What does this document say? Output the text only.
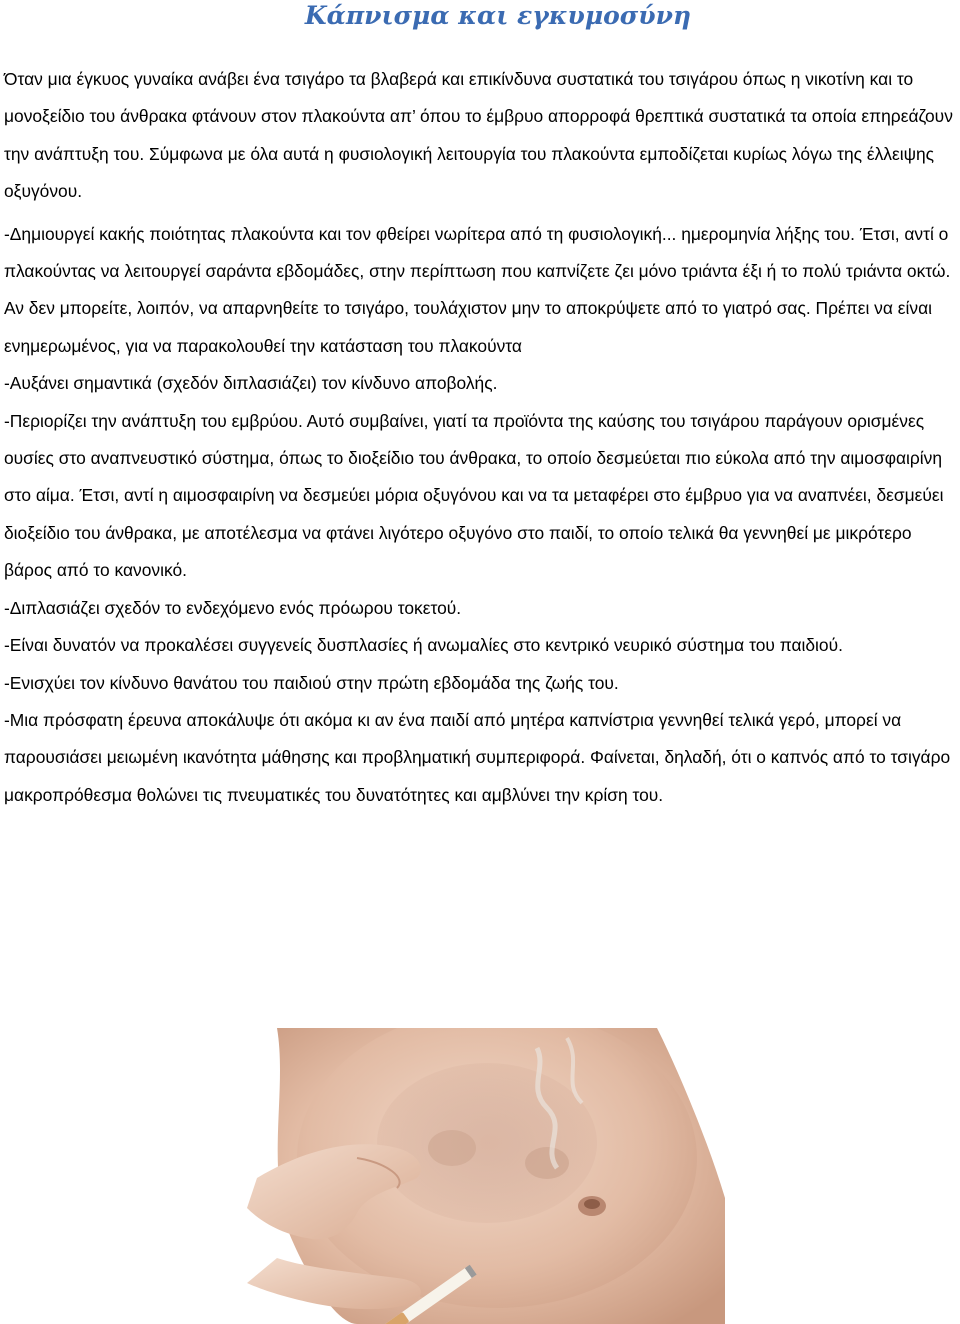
Κάπνισμα και εγκυμοσύνη

Όταν μια έγκυος γυναίκα ανάβει ένα τσιγάρο τα βλαβερά και επικίνδυνα συστατικά του τσιγάρου όπως η νικοτίνη και το μονοξείδιο του άνθρακα φτάνουν στον πλακούντα απ’ όπου το έμβρυο απορροφά θρεπτικά συστατικά τα οποία επηρεάζουν την ανάπτυξη του. Σύμφωνα με όλα αυτά η φυσιολογική λειτουργία του πλακούντα εμποδίζεται κυρίως λόγω της έλλειψης οξυγόνου.

-Δημιουργεί κακής ποιότητας πλακούντα και τον φθείρει νωρίτερα από τη φυσιολογική... ημερομηνία λήξης του. Έτσι, αντί ο πλακούντας να λειτουργεί σαράντα εβδομάδες, στην περίπτωση που καπνίζετε ζει μόνο τριάντα έξι ή το πολύ τριάντα οκτώ. Αν δεν μπορείτε, λοιπόν, να απαρνηθείτε το τσιγάρο, τουλάχιστον μην το αποκρύψετε από το γιατρό σας. Πρέπει να είναι ενημερωμένος, για να παρακολουθεί την κατάσταση του πλακούντα

-Αυξάνει σημαντικά (σχεδόν διπλασιάζει) τον κίνδυνο αποβολής.

-Περιορίζει την ανάπτυξη του εμβρύου. Αυτό συμβαίνει, γιατί τα προϊόντα της καύσης του τσιγάρου παράγουν ορισμένες ουσίες στο αναπνευστικό σύστημα, όπως το διοξείδιο του άνθρακα, το οποίο δεσμεύεται πιο εύκολα από την αιμοσφαιρίνη στο αίμα. Έτσι, αντί η αιμοσφαιρίνη να δεσμεύει μόρια οξυγόνου και να τα μεταφέρει στο έμβρυο για να αναπνέει, δεσμεύει διοξείδιο του άνθρακα, με αποτέλεσμα να φτάνει λιγότερο οξυγόνο στο παιδί, το οποίο τελικά θα γεννηθεί με μικρότερο βάρος από το κανονικό.

-Διπλασιάζει σχεδόν το ενδεχόμενο ενός πρόωρου τοκετού.

-Είναι δυνατόν να προκαλέσει συγγενείς δυσπλασίες ή ανωμαλίες στο κεντρικό νευρικό σύστημα του παιδιού.

-Ενισχύει τον κίνδυνο θανάτου του παιδιού στην πρώτη εβδομάδα της ζωής του.

-Μια πρόσφατη έρευνα αποκάλυψε ότι ακόμα κι αν ένα παιδί από μητέρα καπνίστρια γεννηθεί τελικά γερό, μπορεί να παρουσιάσει μειωμένη ικανότητα μάθησης και προβληματική συμπεριφορά. Φαίνεται, δηλαδή, ότι ο καπνός από το τσιγάρο μακροπρόθεσμα θολώνει τις πνευματικές του δυνατότητες και αμβλύνει την κρίση του.
